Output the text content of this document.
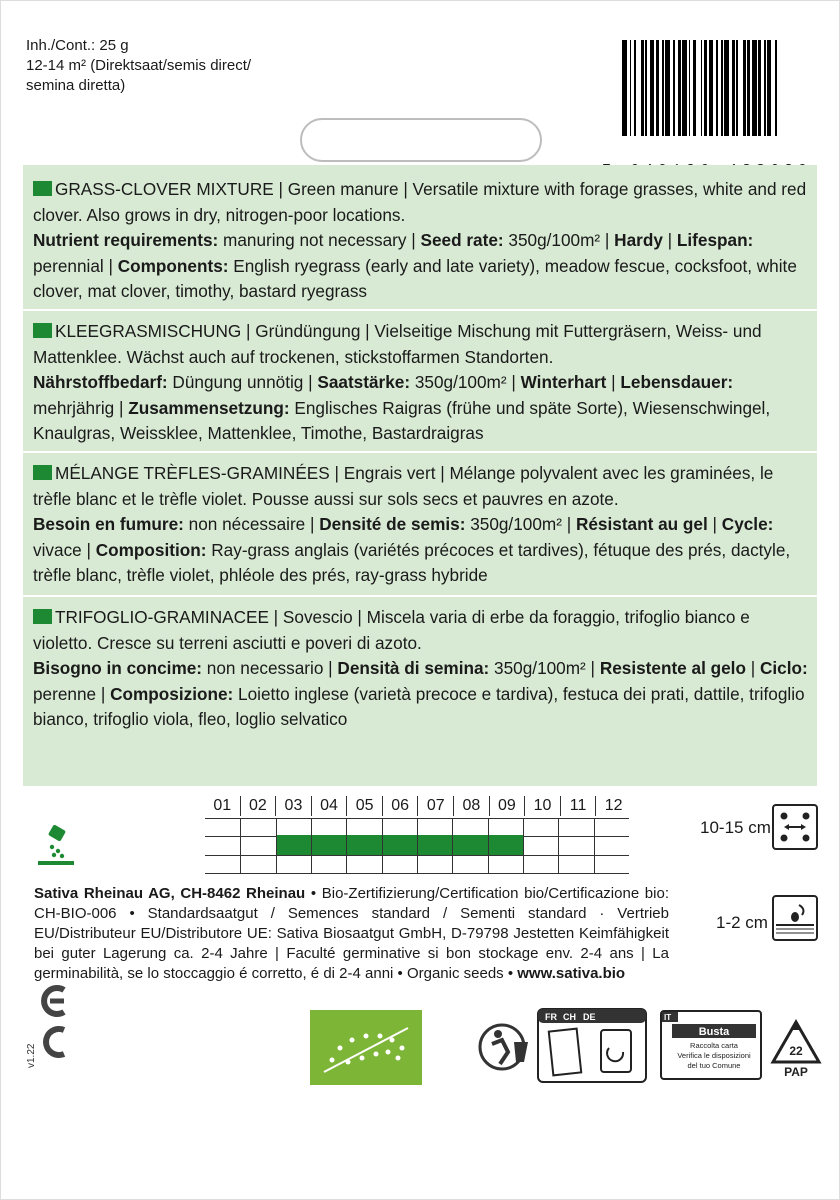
Inh./Cont.: 25 g
12-14 m² (Direktsaat/semis direct/
semina diretta)
GRASS-CLOVER MIXTURE | Green manure | Versatile mixture with forage grasses, white and red clover. Also grows in dry, nitrogen-poor locations.
Nutrient requirements: manuring not necessary | Seed rate: 350g/100m² | Hardy | Lifespan: perennial | Components: English ryegrass (early and late variety), meadow fescue, cocksfoot, white clover, mat clover, timothy, bastard ryegrass
KLEEGRASMISCHUNG | Gründüngung | Vielseitige Mischung mit Futtergräsern, Weiss- und Mattenklee. Wächst auch auf trockenen, stickstoffarmen Standorten.
Nährstoffbedarf: Düngung unnötig | Saatstärke: 350g/100m² | Winterhart | Lebensdauer: mehrjährig | Zusammensetzung: Englisches Raigras (frühe und späte Sorte), Wiesenschwingel, Knaulgras, Weissklee, Mattenklee, Timothe, Bastardraigras
MÉLANGE TRÈFLES-GRAMINÉES | Engrais vert | Mélange polyvalent avec les graminées, le trèfle blanc et le trèfle violet. Pousse aussi sur sols secs et pauvres en azote.
Besoin en fumure: non nécessaire | Densité de semis: 350g/100m² | Résistant au gel | Cycle: vivace | Composition: Ray-grass anglais (variétés précoces et tardives), fétuque des prés, dactyle, trèfle blanc, trèfle violet, phléole des prés, ray-grass hybride
TRIFOGLIO-GRAMINACEE | Sovescio | Miscela varia di erbe da foraggio, trifoglio bianco e violetto. Cresce su terreni asciutti e poveri di azoto.
Bisogno in concime: non necessario | Densità di semina: 350g/100m² | Resistente al gelo | Ciclo: perenne | Composizione: Loietto inglese (varietà precoce e tardiva), festuca dei prati, dattile, trifoglio bianco, trifoglio viola, fleo, loglio selvatico
01	02	03	04	05	06	07	08	09	10	11	12
10-15 cm
1-2 cm
Sativa Rheinau AG, CH-8462 Rheinau • Bio-Zertifizierung/Certification bio/Certificazione bio: CH-BIO-006 • Standardsaatgut / Semences standard / Sementi standard · Vertrieb EU/Distributeur EU/Distributore UE: Sativa Biosaatgut GmbH, D-79798 Jestetten Keimfähigkeit bei guter Lagerung ca. 2-4 Jahre | Faculté germinative si bon stockage env. 2-4 ans | La germinabilità, se lo stoccaggio é corretto, é di 2-4 anni • Organic seeds • www.sativa.bio
v1.22
FR CH DE	IT
Busta
Raccolta carta
Verifica le disposizioni
del tuo Comune
22
PAP
